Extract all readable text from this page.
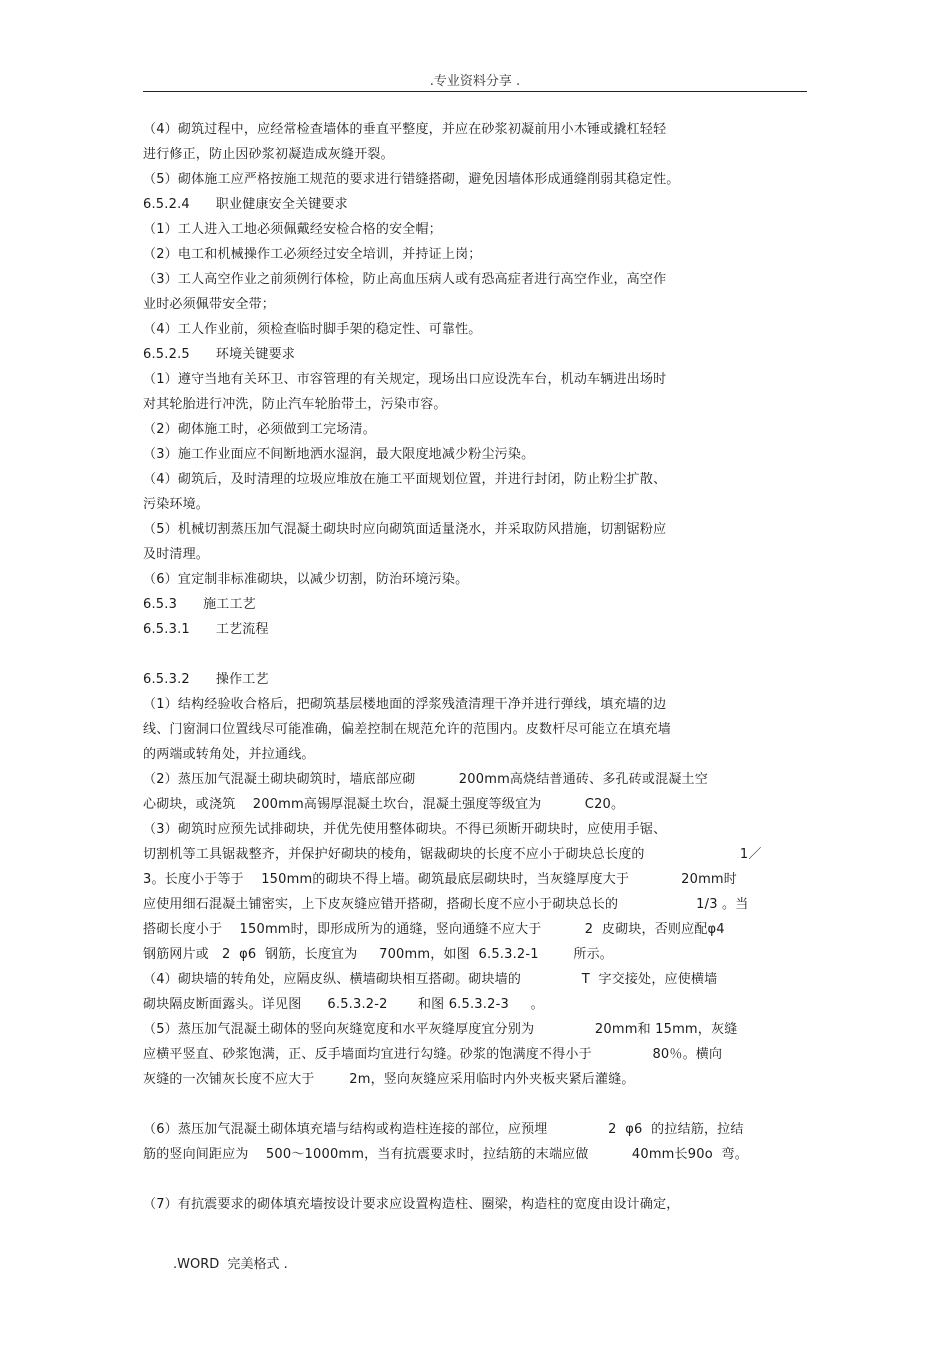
.专业资料分享 .
（4）砌筑过程中，应经常检查墙体的垂直平整度，并应在砂浆初凝前用小木锤或撬杠轻轻
进行修正，防止因砂浆初凝造成灰缝开裂。
（5）砌体施工应严格按施工规范的要求进行错缝搭砌，避免因墙体形成通缝削弱其稳定性。
6.5.2.4      职业健康安全关键要求
（1）工人进入工地必须佩戴经安检合格的安全帽；
（2）电工和机械操作工必须经过安全培训，并持证上岗；
（3）工人高空作业之前须例行体检，防止高血压病人或有恐高症者进行高空作业，高空作
业时必须佩带安全带；
（4）工人作业前，须检查临时脚手架的稳定性、可靠性。
6.5.2.5      环境关键要求
（1）遵守当地有关环卫、市容管理的有关规定，现场出口应设洗车台，机动车辆进出场时
对其轮胎进行冲洗，防止汽车轮胎带土，污染市容。
（2）砌体施工时，必须做到工完场清。
（3）施工作业面应不间断地洒水湿润，最大限度地减少粉尘污染。
（4）砌筑后，及时清理的垃圾应堆放在施工平面规划位置，并进行封闭，防止粉尘扩散、
污染环境。
（5）机械切割蒸压加气混凝土砌块时应向砌筑面适量浇水，并采取防风措施，切割锯粉应
及时清理。
（6）宜定制非标准砌块，以减少切割，防治环境污染。
6.5.3      施工工艺
6.5.3.1      工艺流程
6.5.3.2      操作工艺
（1）结构经验收合格后，把砌筑基层楼地面的浮浆残渣清理干净并进行弹线，填充墙的边
线、门窗洞口位置线尽可能准确，偏差控制在规范允许的范围内。皮数杆尽可能立在填充墙
的两端或转角处，并拉通线。
（2）蒸压加气混凝土砌块砌筑时，墙底部应砌          200mm高烧结普通砖、多孔砖或混凝土空
心砌块，或浇筑    200mm高锡厚混凝土坎台，混凝土强度等级宜为          C20。
（3）砌筑时应预先试排砌块，并优先使用整体砌块。不得已须断开砌块时，应使用手锯、
切割机等工具锯裁整齐，并保护好砌块的棱角，锯裁砌块的长度不应小于砌块总长度的                      1／
3。长度小于等于    150mm的砌块不得上墙。砌筑最底层砌块时，当灰缝厚度大于            20mm时
应使用细石混凝土铺密实，上下皮灰缝应错开搭砌，搭砌长度不应小于砌块总长的                  1/3 。当
搭砌长度小于    150mm时，即形成所为的通缝，竖向通缝不应大于          2  皮砌块，否则应配φ4
钢筋网片或   2  φ6  钢筋，长度宜为     700mm，如图  6.5.3.2-1        所示。
（4）砌块墙的转角处，应隔皮纵、横墙砌块相互搭砌。砌块墙的              T  字交接处，应使横墙
砌块隔皮断面露头。详见图      6.5.3.2-2       和图 6.5.3.2-3     。
（5）蒸压加气混凝土砌体的竖向灰缝宽度和水平灰缝厚度宜分别为              20mm和 15mm，灰缝
应横平竖直、砂浆饱满，正、反手墙面均宜进行勾缝。砂浆的饱满度不得小于              80％。横向
灰缝的一次铺灰长度不应大于        2m，竖向灰缝应采用临时内外夹板夹紧后灌缝。
（6）蒸压加气混凝土砌体填充墙与结构或构造柱连接的部位，应预埋              2  φ6  的拉结筋，拉结
筋的竖向间距应为    500～1000mm，当有抗震要求时，拉结筋的末端应做          40mm长90o  弯。
（7）有抗震要求的砌体填充墙按设计要求应设置构造柱、圈梁，构造柱的宽度由设计确定，
.WORD  完美格式 .
